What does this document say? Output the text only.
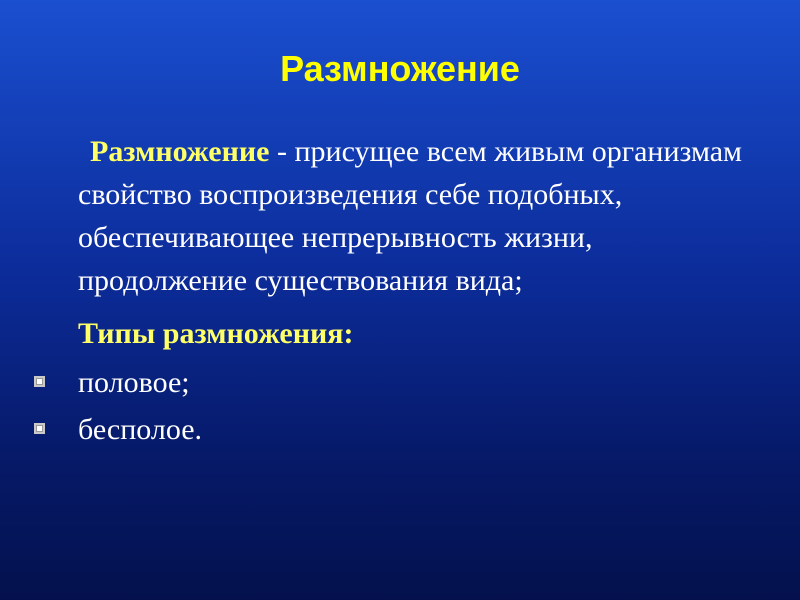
Размножение

Размножение - присущее всем живым организмам свойство воспроизведения себе подобных, обеспечивающее непрерывность жизни, продолжение существования вида;

Типы размножения:

половое;
бесполое.
